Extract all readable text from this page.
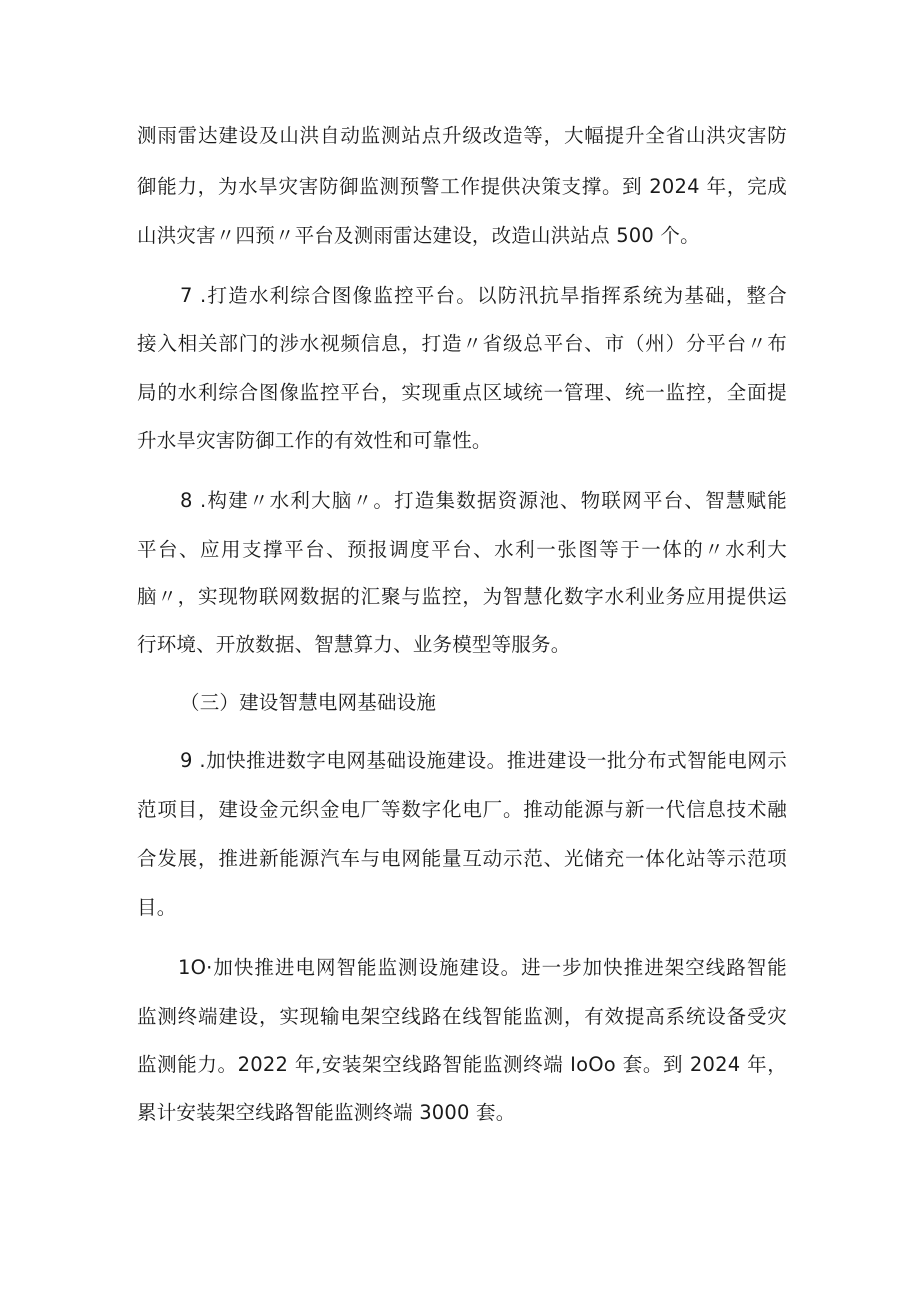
测雨雷达建设及山洪自动监测站点升级改造等，大幅提升全省山洪灾害防
御能力，为水旱灾害防御监测预警工作提供决策支撑。到 2024 年，完成
山洪灾害〃四预〃平台及测雨雷达建设，改造山洪站点 500 个。
7 .打造水利综合图像监控平台。以防汛抗旱指挥系统为基础，整合
接入相关部门的涉水视频信息，打造〃省级总平台、市（州）分平台〃布
局的水利综合图像监控平台，实现重点区域统一管理、统一监控，全面提
升水旱灾害防御工作的有效性和可靠性。
8 .构建〃水利大脑〃。打造集数据资源池、物联网平台、智慧赋能
平台、应用支撑平台、预报调度平台、水利一张图等于一体的〃水利大
脑〃，实现物联网数据的汇聚与监控，为智慧化数字水利业务应用提供运
行环境、开放数据、智慧算力、业务模型等服务。
（三）建设智慧电网基础设施
9 .加快推进数字电网基础设施建设。推进建设一批分布式智能电网示
范项目，建设金元织金电厂等数字化电厂。推动能源与新一代信息技术融
合发展，推进新能源汽车与电网能量互动示范、光储充一体化站等示范项
目。
1O·加快推进电网智能监测设施建设。进一步加快推进架空线路智能
监测终端建设，实现输电架空线路在线智能监测，有效提高系统设备受灾
监测能力。2022 年,安装架空线路智能监测终端 IoOo 套。到 2024 年，
累计安装架空线路智能监测终端 3000 套。
